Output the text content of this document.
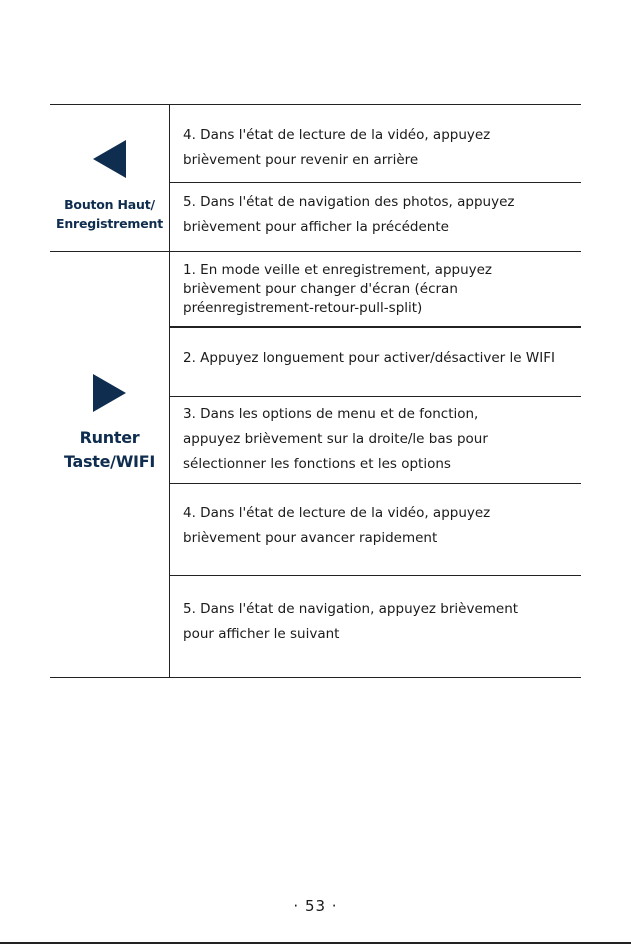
Bouton Haut/
Enregistrement
4. Dans l'état de lecture de la vidéo, appuyez
brièvement pour revenir en arrière
5. Dans l'état de navigation des photos, appuyez
brièvement pour afficher la précédente
Runter
Taste/WIFI
1. En mode veille et enregistrement, appuyez
brièvement pour changer d'écran (écran
préenregistrement-retour-pull-split)
2. Appuyez longuement pour activer/désactiver le WIFI
3. Dans les options de menu et de fonction,
appuyez brièvement sur la droite/le bas pour
sélectionner les fonctions et les options
4. Dans l'état de lecture de la vidéo, appuyez
brièvement pour avancer rapidement
5. Dans l'état de navigation, appuyez brièvement
pour afficher le suivant
· 53 ·
